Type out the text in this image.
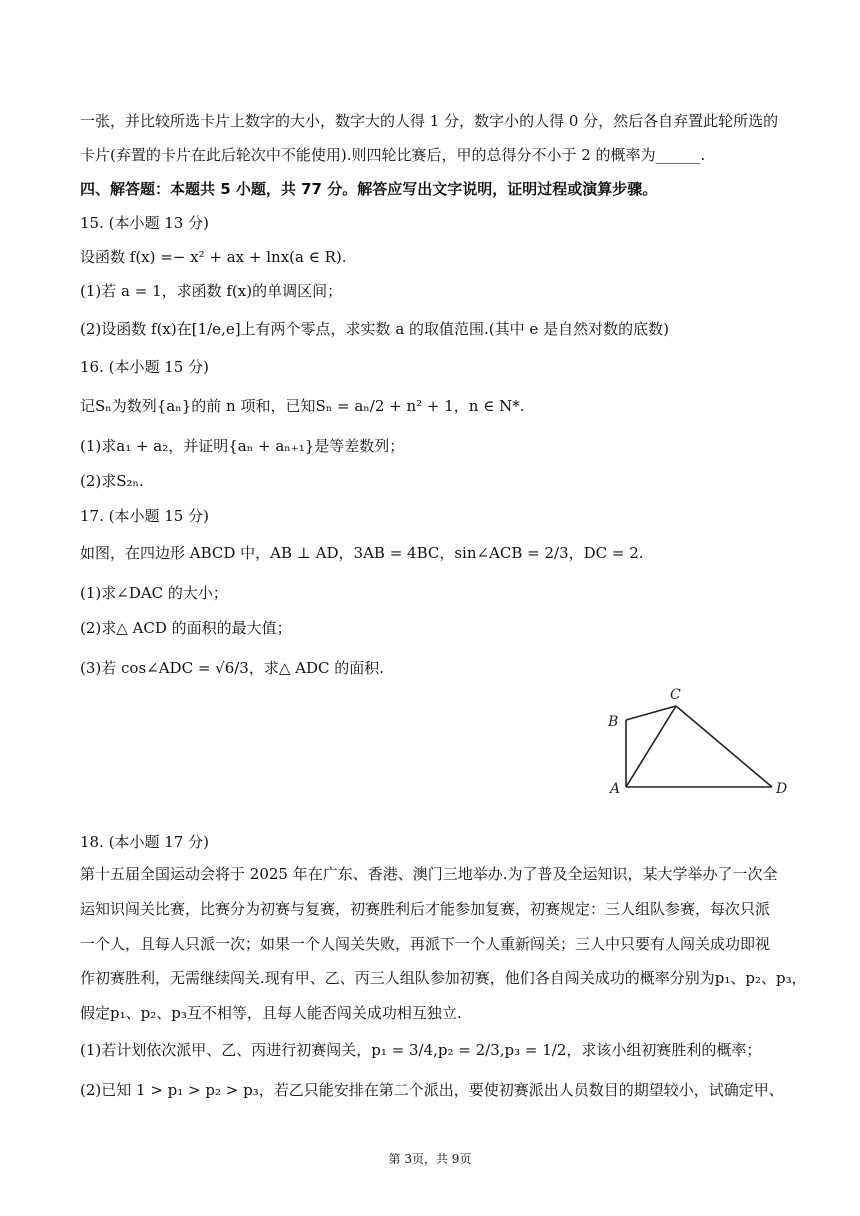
一张，并比较所选卡片上数字的大小，数字大的人得 1 分，数字小的人得 0 分，然后各自弃置此轮所选的
卡片(弃置的卡片在此后轮次中不能使用).则四轮比赛后，甲的总得分不小于 2 的概率为______.
四、解答题：本题共 5 小题，共 77 分。解答应写出文字说明，证明过程或演算步骤。
15. (本小题 13 分)
设函数 f(x) =− x² + ax + lnx(a ∈ R).
(1)若 a = 1，求函数 f(x)的单调区间；
(2)设函数 f(x)在[1/e,e]上有两个零点，求实数 a 的取值范围.(其中 e 是自然对数的底数)
16. (本小题 15 分)
记Sₙ为数列{aₙ}的前 n 项和，已知Sₙ = aₙ/2 + n² + 1，n ∈ N*.
(1)求a₁ + a₂，并证明{aₙ + aₙ₊₁}是等差数列；
(2)求S₂ₙ.
17. (本小题 15 分)
如图，在四边形 ABCD 中，AB ⊥ AD，3AB = 4BC，sin∠ACB = 2/3，DC = 2.
(1)求∠DAC 的大小；
(2)求△ ACD 的面积的最大值；
(3)若 cos∠ADC = √6/3，求△ ADC 的面积.
B
C
A	D
18. (本小题 17 分)
第十五届全国运动会将于 2025 年在广东、香港、澳门三地举办.为了普及全运知识，某大学举办了一次全
运知识闯关比赛，比赛分为初赛与复赛，初赛胜利后才能参加复赛，初赛规定：三人组队参赛，每次只派
一个人，且每人只派一次；如果一个人闯关失败，再派下一个人重新闯关；三人中只要有人闯关成功即视
作初赛胜利，无需继续闯关.现有甲、乙、丙三人组队参加初赛，他们各自闯关成功的概率分别为p₁、p₂、p₃，
假定p₁、p₂、p₃互不相等，且每人能否闯关成功相互独立.
(1)若计划依次派甲、乙、丙进行初赛闯关，p₁ = 3/4,p₂ = 2/3,p₃ = 1/2，求该小组初赛胜利的概率；
(2)已知 1 > p₁ > p₂ > p₃，若乙只能安排在第二个派出，要使初赛派出人员数目的期望较小，试确定甲、
第 3页，共 9页
